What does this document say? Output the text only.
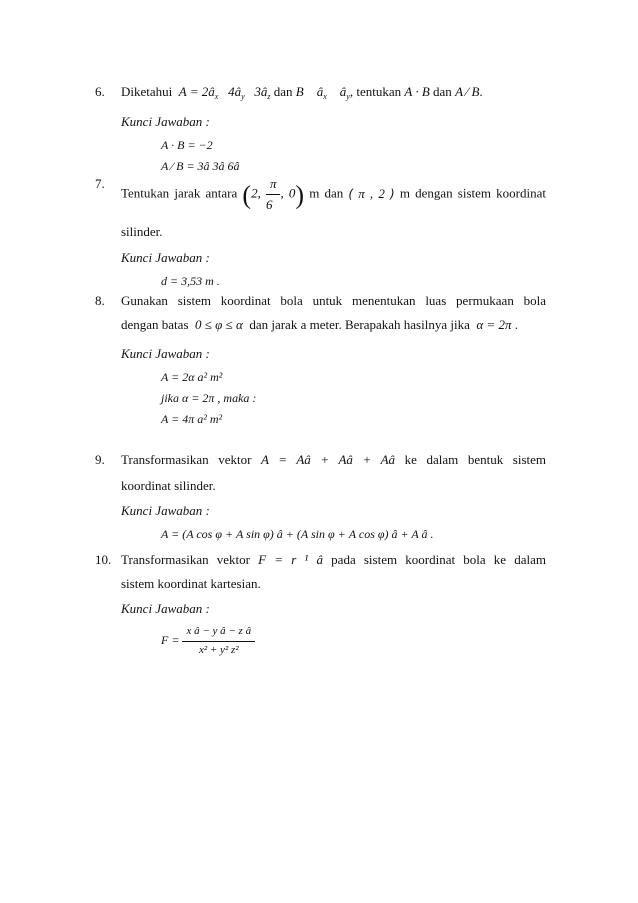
6. Diketahui $A = 2â_x$ $4â_y$ $3â_z$ dan B $â_x$ $â_y$, tentukan A · B dan A ⁄ B.
Kunci Jawaban :
A · B = −2
A ⁄ B = 3â 3â 6â
7.
Tentukan jarak antara (2, $\frac{\pi}{6}$ , 0) m dan ( π , 2 ) m dengan sistem koordinat
silinder.
Kunci Jawaban :
d = 3,53 m .
8. Gunakan sistem koordinat bola untuk menentukan luas permukaan bola
dengan batas 0 ≤ φ ≤ α dan jarak a meter. Berapakah hasilnya jika α = 2π .
Kunci Jawaban :
A = 2α a² m²
jika α = 2π , maka :
A = 4π a² m²
9. Transformasikan vektor A = Aâ + Aâ + Aâ ke dalam bentuk sistem
koordinat silinder.
Kunci Jawaban :
A = (A cos φ + A sin φ) â + (A sin φ + A cos φ) â + A â .
10. Transformasikan vektor F = r ¹ â pada sistem koordinat bola ke dalam
sistem koordinat kartesian.
Kunci Jawaban :
$F = \frac{\text{x â − y â − z â}}{\text{x² + y² z²}}$
